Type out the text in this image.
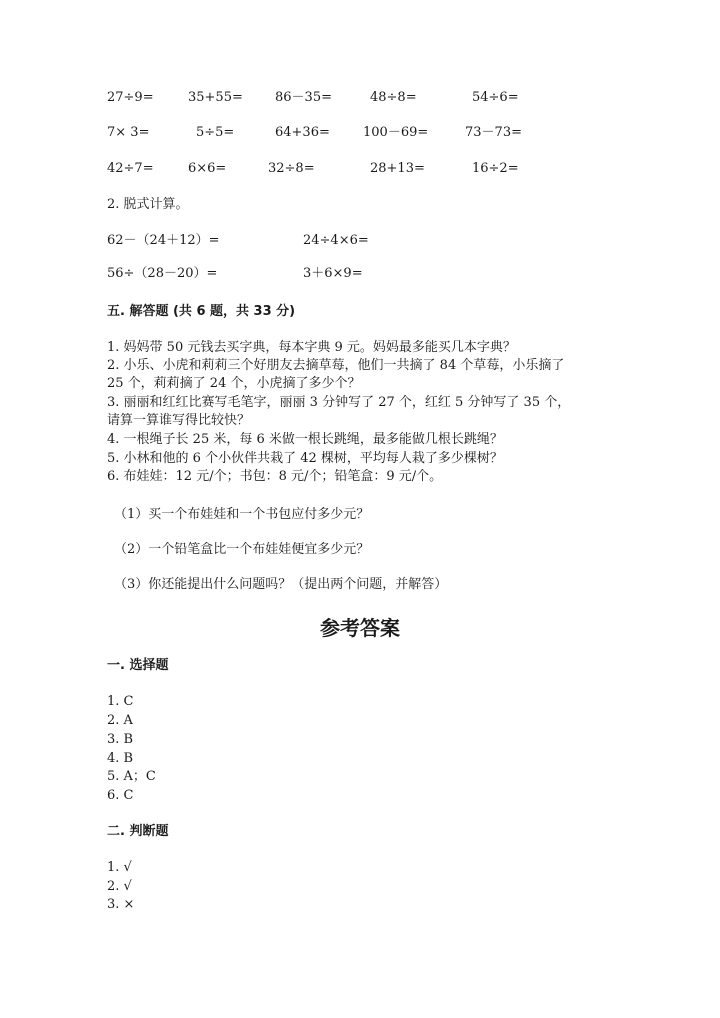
27÷9=	35+55= 86－35=	48÷8=	54÷6=
7× 3=	5÷5=	64+36=	100－69=	73－73=
42÷7=	6×6=	32÷8=	28+13=	16÷2=
2. 脱式计算。
62－（24＋12）=	24÷4×6=
56÷（28－20）=	3＋6×9=
五. 解答题 (共 6 题，共 33 分)
1. 妈妈带 50 元钱去买字典，每本字典 9 元。妈妈最多能买几本字典？
2. 小乐、小虎和莉莉三个好朋友去摘草莓，他们一共摘了 84 个草莓，小乐摘了
25 个，莉莉摘了 24 个，小虎摘了多少个？
3. 丽丽和红红比赛写毛笔字，丽丽 3 分钟写了 27 个，红红 5 分钟写了 35 个，
请算一算谁写得比较快？
4. 一根绳子长 25 米，每 6 米做一根长跳绳，最多能做几根长跳绳？
5. 小林和他的 6 个小伙伴共栽了 42 棵树，平均每人栽了多少棵树？
6. 布娃娃：12 元/个；书包：8 元/个；铅笔盒：9 元/个。
（1）买一个布娃娃和一个书包应付多少元？
（2）一个铅笔盒比一个布娃娃便宜多少元？
（3）你还能提出什么问题吗？（提出两个问题，并解答）
参考答案
一. 选择题
1. C
2. A
3. B
4. B
5. A；C
6. C
二. 判断题
1. √
2. √
3. ×
